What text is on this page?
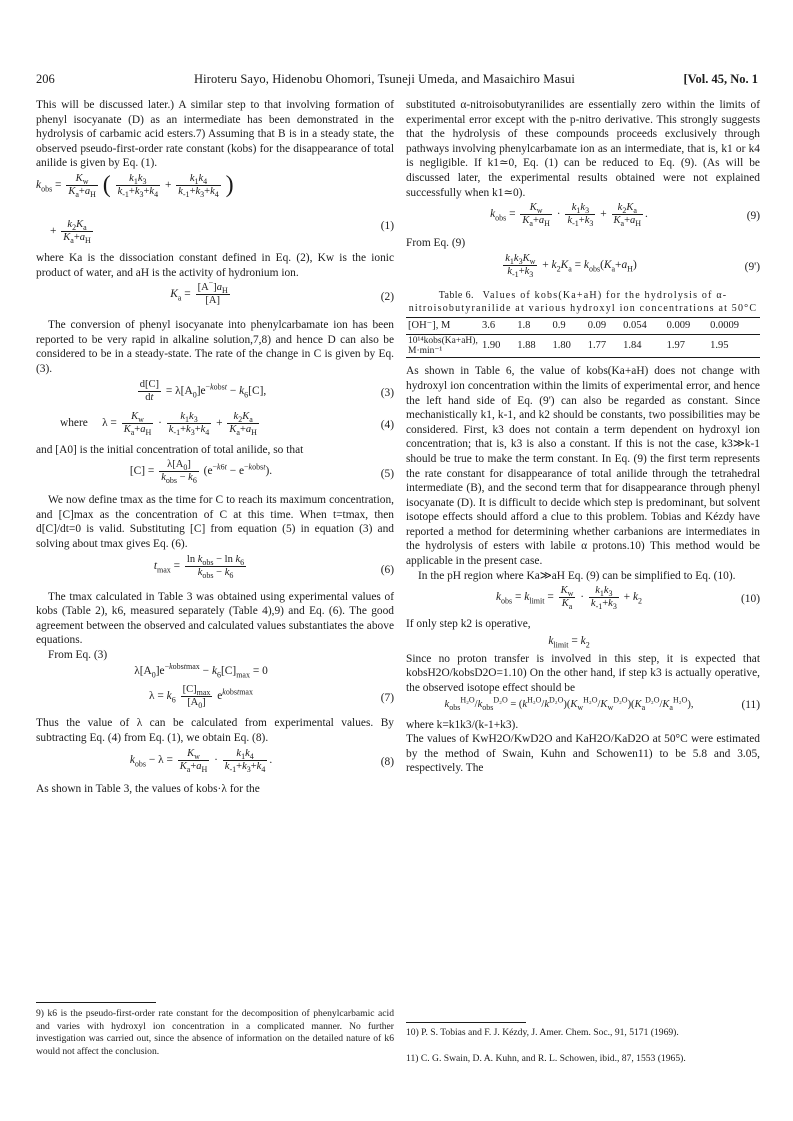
206	Hiroteru Sayo, Hidenobu Ohomori, Tsuneji Umeda, and Masaichiro Masui	[Vol. 45, No. 1

This will be discussed later.) A similar step to that involving formation of phenyl isocyanate (D) as an intermediate has been demonstrated in the hydrolysis of carbamic acid esters.7) Assuming that B is in a steady state, the observed pseudo-first-order rate constant (kobs) for the disappearance of total anilide is given by Eq. (1).

$k_{obs} = \frac{K_w}{K_a+a_H}$ ( $\frac{k_1k_3}{k_{-1}+k_3+k_4} + \frac{k_1k_4}{k_{-1}+k_3+k_4}$ )
+ $\frac{k_2K_a}{K_a+a_H}$	(1)

where Ka is the dissociation constant defined in Eq. (2), Kw is the ionic product of water, and aH is the activity of hydronium ion.

$K_a = \frac{[A^-]a_H}{[A]}$	(2)

The conversion of phenyl isocyanate into phenylcarbamate ion has been reported to be very rapid in alkaline solution,7,8) and hence D can also be considered to be in a steady-state. The rate of the change in C is given by Eq. (3).

$\frac{d[C]}{dt} = \lambda[A_0]e^{-kobst} - k_6[C]$,	(3)
where     $\lambda = \frac{K_w}{K_a+a_H} \cdot \frac{k_1k_3}{k_{-1}+k_3+k_4} + \frac{k_2K_a}{K_a+a_H}$	(4)

and [A0] is the initial concentration of total anilide, so that

$[C] = \frac{\lambda[A_0]}{k_{obs} - k_6} (e^{-k6t} - e^{-kobst})$.	(5)

We now define tmax as the time for C to reach its maximum concentration, and [C]max as the concentration of C at this time. When t=tmax, then d[C]/dt=0 is valid. Substituting [C] from equation (5) in equation (3) and solving about tmax gives Eq. (6).

$t_{max} = \frac{\ln k_{obs} - \ln k_6}{k_{obs} - k_6}$	(6)

The tmax calculated in Table 3 was obtained using experimental values of kobs (Table 2), k6, measured separately (Table 4),9) and Eq. (6). The good agreement between the observed and calculated values substantiates the above equations.

From Eq. (3)

$\lambda[A_0]e^{-kobstmax} - k_6[C]_{max} = 0$
$\lambda = k_6 \frac{[C]_{max}}{[A_0]} e^{kobstmax}$
(7)

Thus the value of λ can be calculated from experimental values. By subtracting Eq. (4) from Eq. (1), we obtain Eq. (8).

$k_{obs} - \lambda = \frac{K_w}{K_a+a_H} \cdot \frac{k_1k_4}{k_{-1}+k_3+k_4}$ .	(8)

As shown in Table 3, the values of kobs·λ for the

9) k6 is the pseudo-first-order rate constant for the decomposition of phenylcarbamic acid and varies with hydroxyl ion concentration in a complicated manner. No further investigation was carried out, since the absence of information on the detailed nature of k6 would not affect the conclusion.

substituted α-nitroisobutyranilides are essentially zero within the limits of experimental error except with the p-nitro derivative. This strongly suggests that the hydrolysis of these compounds proceeds exclusively through pathways involving phenylcarbamate ion as an intermediate, that is, k1 or k4 is negligible. If k1≃0, Eq. (1) can be reduced to Eq. (9). (As will be discussed later, the experimental results obtained were not explained successfully when k1≃0).

$k_{obs} = \frac{K_w}{K_a+a_H} \cdot \frac{k_1k_3}{k_{-1}+k_3} + \frac{k_2K_a}{K_a+a_H}$ .	(9)

From Eq. (9)

$\frac{k_1k_3K_w}{k_{-1}+k_3} + k_2K_a = k_{obs}(K_a+a_H)$	(9')
Table 6. Values of kobs(Ka+aH) for the hydrolysis of α-nitroisobutyranilide at various hydroxyl ion concentrations at 50°C
[OH⁻], M	3.6	1.8	0.9	0.09	0.054	0.009	0.0009
10¹⁴kobs(Ka+aH), M·min⁻¹	1.90	1.88	1.80	1.77	1.84	1.97	1.95

As shown in Table 6, the value of kobs(Ka+aH) does not change with hydroxyl ion concentration within the limits of experimental error, and hence the left hand side of Eq. (9') can also be regarded as constant. Since mechanistically k1, k-1, and k2 should be constants, two possibilities may be considered. First, k3 does not contain a term dependent on hydroxyl ion concentration; that is, k3 is also a constant. If this is not the case, k3≫k-1 should be true to make the term constant. In Eq. (9) the first term represents the rate constant for disappearance of total anilide through the tetrahedral intermediate (B), and the second term that for disappearance through phenyl isocyanate (D). It is difficult to decide which step is predominant, but solvent isotope effects should afford a clue to this problem. Tobias and Kézdy have reported a method for determining whether carbanions are intermediates in the hydrolysis of esters with labile α protons.10) This method would be applicable in the present case.

In the pH region where Ka≫aH Eq. (9) can be simplified to Eq. (10).

$k_{obs} = k_{limit} = \frac{K_w}{K_a} \cdot \frac{k_1k_3}{k_{-1}+k_3} + k_2$	(10)

If only step k2 is operative,

$k_{limit} = k_2$

Since no proton transfer is involved in this step, it is expected that kobsH2O/kobsD2O=1.10) On the other hand, if step k3 is actually operative, the observed isotope effect should be

$k_{obs}^{H_2O}/k_{obs}^{D_2O} = (k^{H_2O}/k^{D_2O})(K_w^{H_2O}/K_w^{D_2O})(K_a^{D_2O}/K_a^{H_2O})$,	(11)

where k=k1k3/(k-1+k3).

The values of KwH2O/KwD2O and KaH2O/KaD2O at 50°C were estimated by the method of Swain, Kuhn and Schowen11) to be 5.8 and 3.05, respectively. The

10) P. S. Tobias and F. J. Kézdy, J. Amer. Chem. Soc., 91, 5171 (1969).
11) C. G. Swain, D. A. Kuhn, and R. L. Schowen, ibid., 87, 1553 (1965).
